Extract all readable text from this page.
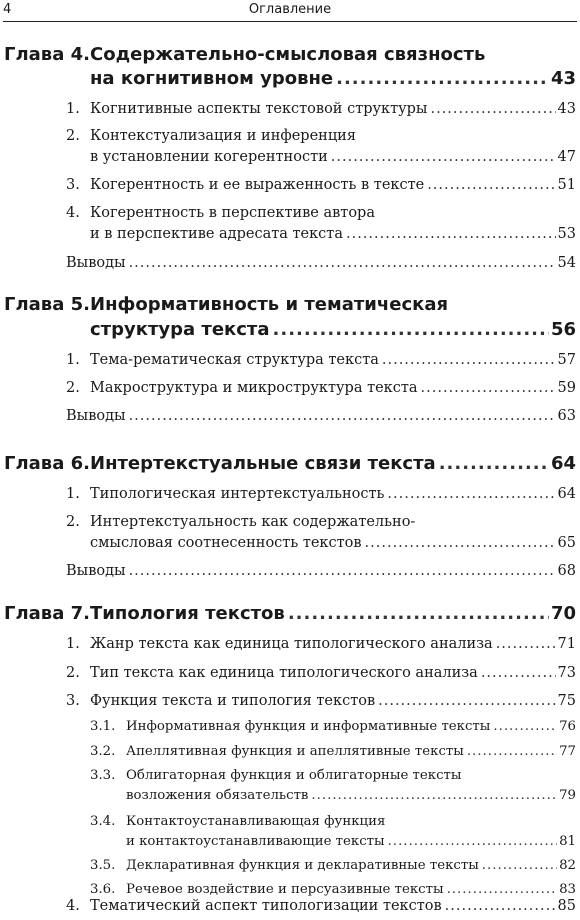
4	Оглавление
Глава 4.Содержательно-смысловая связность
на когнитивном уровне .....	43
1. Когнитивные аспекты текстовой структуры .....	43
2. Контекстуализация и инференция
в установлении когерентности .....	47
3. Когерентность и ее выраженность в тексте .....	51
4. Когерентность в перспективе автора
и в перспективе адресата текста .....	53
Выводы .....	54
Глава 5.Информативность и тематическая
структура текста .....	56
1. Тема-рематическая структура текста .....	57
2. Макроструктура и микроструктура текста .....	59
Выводы .....	63
Глава 6.Интертекстуальные связи текста .....	64
1. Типологическая интертекстуальность .....	64
2. Интертекстуальность как содержательно-
смысловая соотнесенность текстов .....	65
Выводы .....	68
Глава 7.Типология текстов .....	70
1. Жанр текста как единица типологического анализа .....	71
2. Тип текста как единица типологического анализа .....	73
3. Функция текста и типология текстов .....	75
3.1. Информативная функция и информативные тексты .....	76
3.2. Апеллятивная функция и апеллятивные тексты .....	77
3.3. Облигаторная функция и облигаторные тексты
возложения обязательств .....	79
3.4. Контактоустанавливающая функция
и контактоустанавливающие тексты .....	81
3.5. Декларативная функция и декларативные тексты .....	82
3.6. Речевое воздействие и персуазивные тексты .....	83
4. Тематический аспект типологизации текстов .....	85
